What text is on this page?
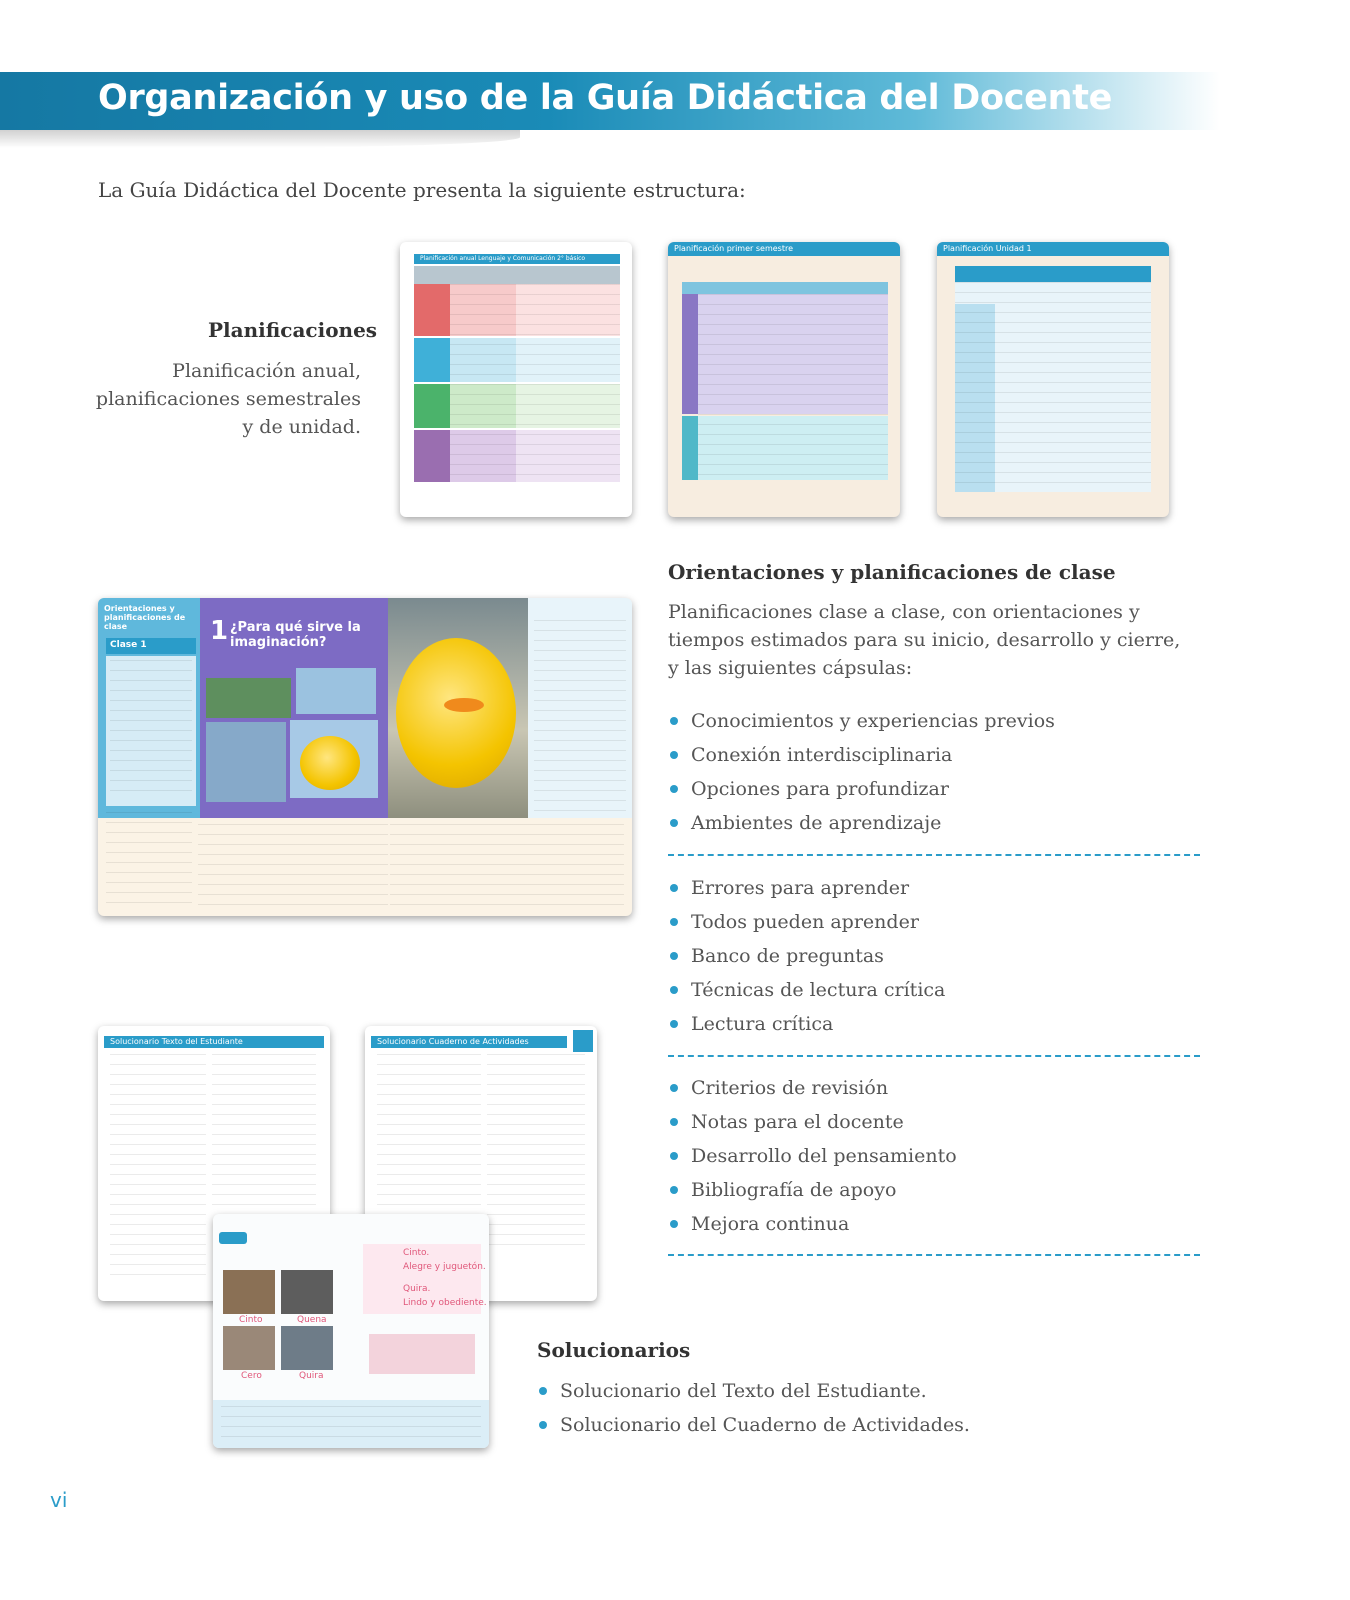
Organización y uso de la Guía Didáctica del Docente
La Guía Didáctica del Docente presenta la siguiente estructura:
Planificaciones
Planificación anual,
planificaciones semestrales
y de unidad.
Planificación anual Lenguaje y Comunicación 2° básico
Planificación primer semestre	Planificación Unidad 1
Orientaciones y planificaciones de clase
Planificaciones clase a clase, con orientaciones y
tiempos estimados para su inicio, desarrollo y cierre,
y las siguientes cápsulas:
Orientaciones y planificaciones de clase
Clase 1 1 ¿Para qué sirve la imaginación?
Conocimientos y experiencias previos
Conexión interdisciplinaria
Opciones para profundizar
Ambientes de aprendizaje
Errores para aprender
Todos pueden aprender
Banco de preguntas
Técnicas de lectura crítica
Lectura crítica
Criterios de revisión
Notas para el docente
Desarrollo del pensamiento
Bibliografía de apoyo
Mejora continua
Solucionario Texto del Estudiante	Solucionario Cuaderno de Actividades
Cinto	Quena
Cero	Quira
Cinto.
Alegre y juguetón.
Quira.
Lindo y obediente.
Solucionarios
Solucionario del Texto del Estudiante.
Solucionario del Cuaderno de Actividades.
vi
